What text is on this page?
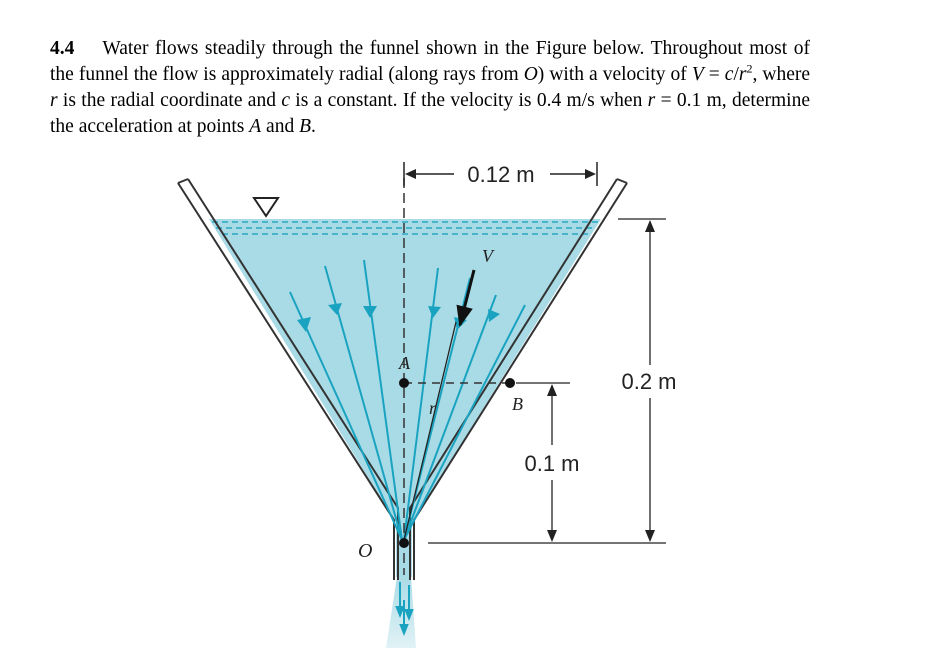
4.4 Water flows steadily through the funnel shown in the Figure below. Throughout most of the funnel the flow is approximately radial (along rays from O) with a velocity of $V = c/r^2$, where r is the radial coordinate and c is a constant. If the velocity is 0.4 m/s when r = 0.1 m, determine the acceleration at points A and B.
0.12 m
0.2 m
0.1 m
V
A
B
r
O
